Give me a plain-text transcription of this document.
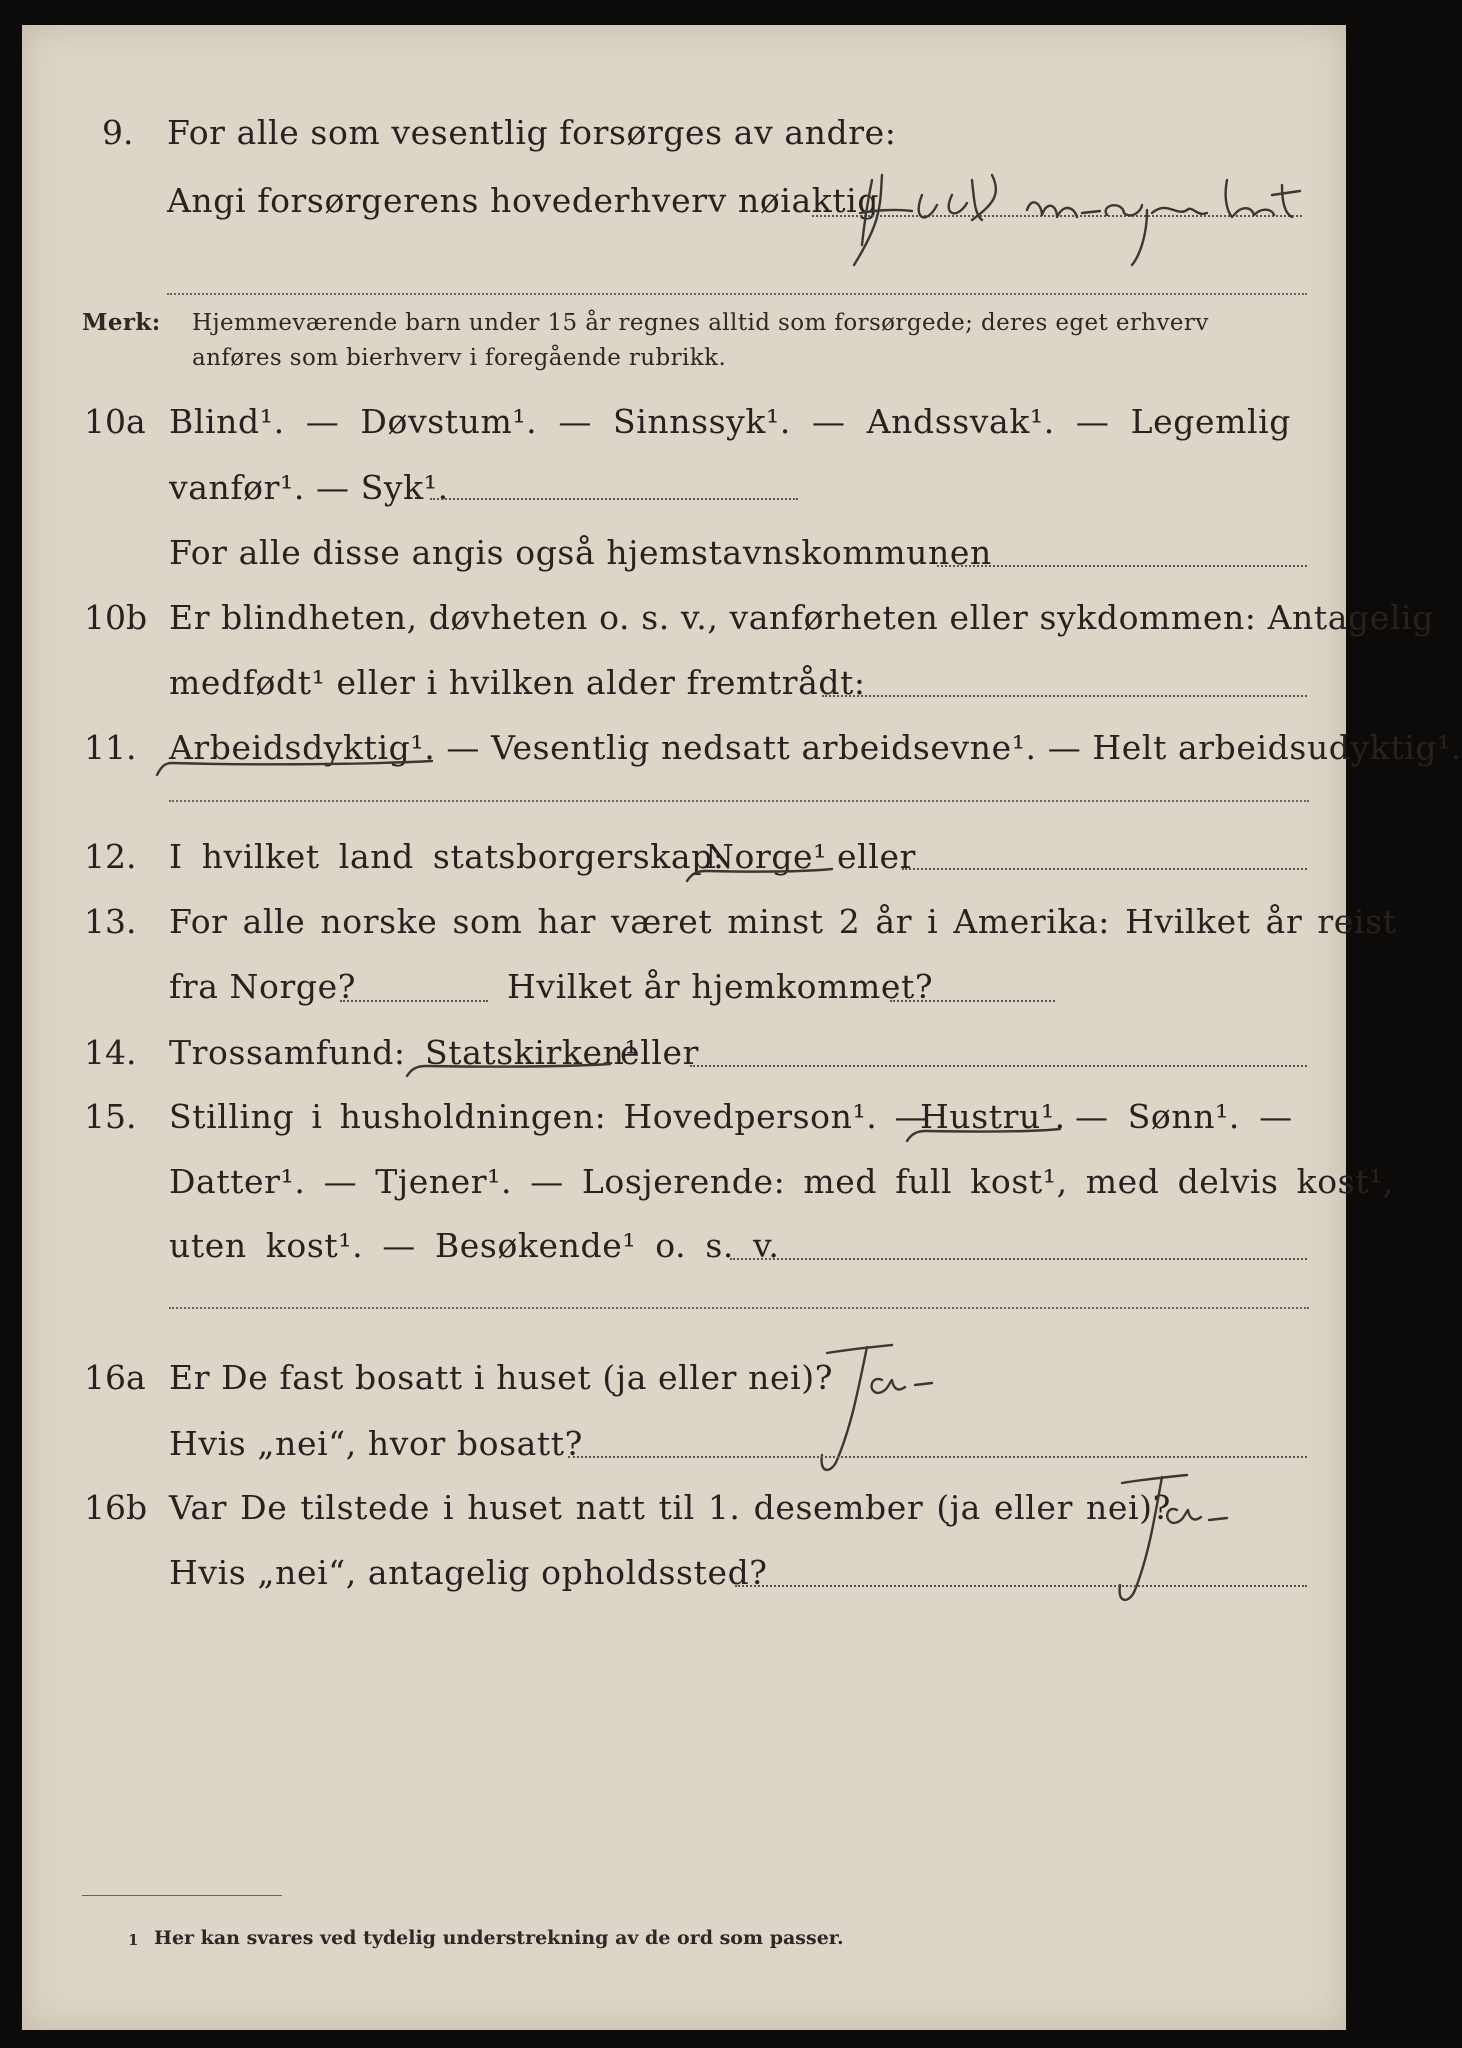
9. For alle som vesentlig forsørges av andre:
Angi forsørgerens hovederhverv nøiaktig
Merk: Hjemmeværende barn under 15 år regnes alltid som forsørgede; deres eget erhverv
anføres som bierhverv i foregående rubrikk.
10a Blind¹. — Døvstum¹. — Sinnssyk¹. — Andssvak¹. — Legemlig
vanfør¹. — Syk¹.
For alle disse angis også hjemstavnskommunen
10b Er blindheten, døvheten o. s. v., vanførheten eller sykdommen: Antagelig
medfødt¹ eller i hvilken alder fremtrådt:
11. Arbeidsdyktig¹. — Vesentlig nedsatt arbeidsevne¹. — Helt arbeidsudyktig¹.
12. I hvilket land statsborgerskap:
Norge¹ eller
13. For alle norske som har været minst 2 år i Amerika: Hvilket år reist
fra Norge?	Hvilket år hjemkommet?
14. Trossamfund: Statskirken¹
eller
15. Stilling i husholdningen: Hovedperson¹. —
Hustru¹. — Sønn¹. —
Datter¹. — Tjener¹. — Losjerende: med full kost¹, med delvis kost¹,
uten kost¹. — Besøkende¹ o. s. v.
16a Er De fast bosatt i huset (ja eller nei)?
Hvis „nei“, hvor bosatt?
16b Var De tilstede i huset natt til 1. desember (ja eller nei)?
Hvis „nei“, antagelig opholdssted?
1 Her kan svares ved tydelig understrekning av de ord som passer.
